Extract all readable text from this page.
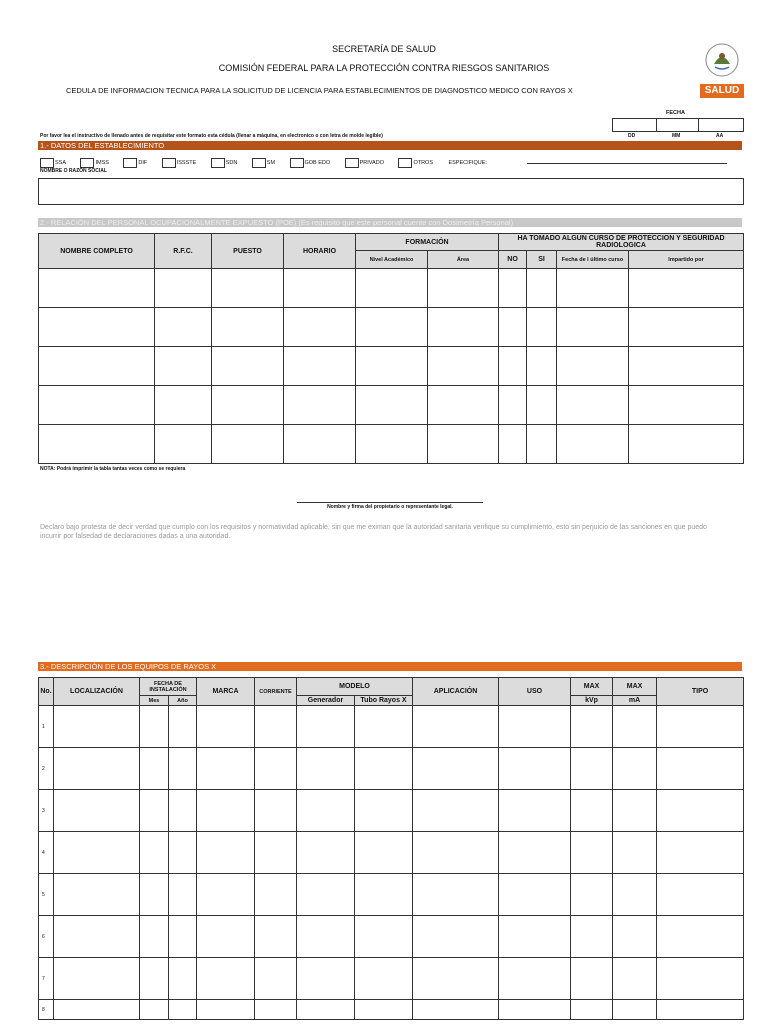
SECRETARÍA DE SALUD
COMISIÓN FEDERAL PARA LA PROTECCIÓN CONTRA RIESGOS SANITARIOS
CEDULA DE INFORMACION TECNICA PARA LA SOLICITUD DE LICENCIA PARA ESTABLECIMIENTOS DE DIAGNOSTICO MEDICO CON RAYOS X	SALUD
FECHA
DD	MM	AA
Por favor lea el instructivo de llenado antes de requisitar este formato esta cédula (llenar a máquina, en electronico o con letra de molde legible)
1.- DATOS DEL ESTABLECIMIENTO
SSA	IMSS	DIF	ISSSTE	SDN	SM	GOB EDO	PRIVADO	OTROS	ESPECIFIQUE:
NOMBRE O RAZÓN SOCIAL
2.- RELACIÓN DEL PERSONAL OCUPACIONALMENTE EXPUESTO (POE) (Es requisito que este personal cuente con Dosimetría Personal)
NOMBRE COMPLETO	R.F.C.	PUESTO	HORARIO	FORMACIÓN		HA TOMADO ALGUN CURSO DE PROTECCION Y SEGURIDAD RADIOLOGICA			
				Nivel Académico	Área	NO	SI	Fecha de l último curso	Impartido por

NOTA: Podrá imprimir la tabla tantas veces como se requiera
Nombre y firma del propietario o representante legal.
Declaro bajo protesta de decir verdad que cumplo con los requisitos y normatividad aplicable, sin que me eximan que la autoridad sanitaria verifique su cumplimiento, esto sin perjuicio de las sanciones en que puedo incurrir por falsedad de declaraciones dadas a una autoridad.
3.- DESCRIPCIÓN DE LOS EQUIPOS DE RAYOS X
No.	LOCALIZACIÓN	FECHA DE INSTALACIÓN		MARCA	CORRIENTE	MODELO		APLICACIÓN	USO	MAX	MAX	TIPO
		Mes	Año			Generador	Tubo Rayos X			kVp	mA	
1												
2												
3												
4												
5												
6												
7												
8												
